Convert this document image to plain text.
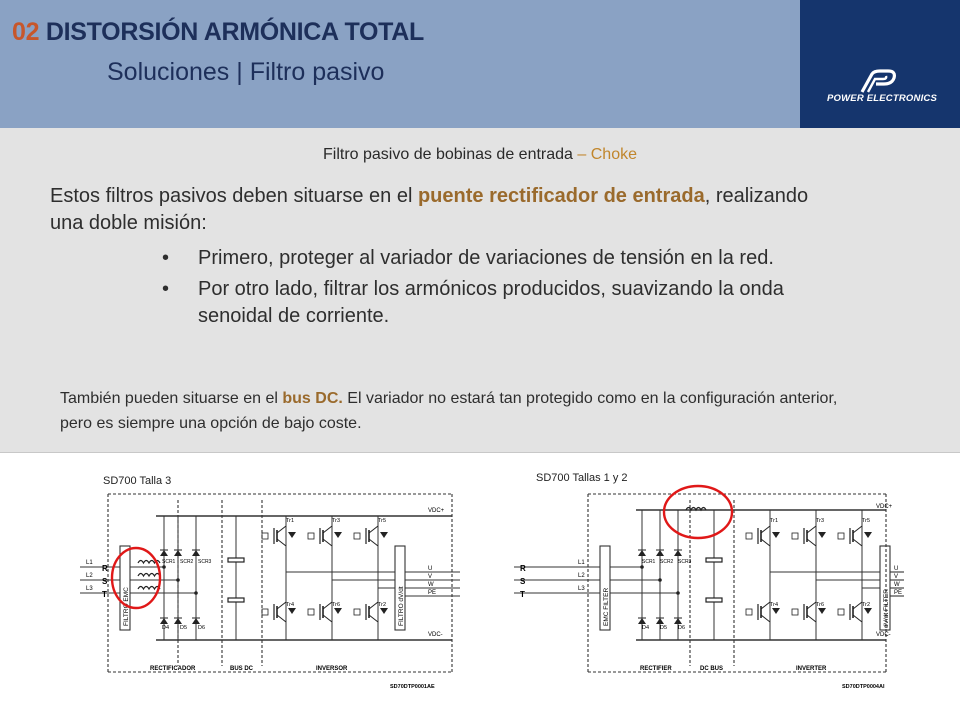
02 DISTORSIÓN ARMÓNICA TOTAL
Soluciones | Filtro pasivo
POWER ELECTRONICS
Filtro pasivo de bobinas de entrada – Choke
Estos filtros pasivos deben situarse en el puente rectificador de entrada, realizando una doble misión:
• Primero, proteger al variador de variaciones de tensión en la red.
• Por otro lado, filtrar los armónicos producidos, suavizando la onda senoidal de corriente.
También pueden situarse en el bus DC. El variador no estará tan protegido como en la configuración anterior, pero es siempre una opción de bajo coste.
SD700 Talla 3	SD700 Tallas 1 y 2
R
S
T
L1
L2
L3	FILTRO EMC	FILTRO dV/dt
SCR1 SCR2 SCR3
D4 D5 D6
Tr1	Tr3	Tr5
Tr4	Tr6	Tr2
U
V
W
PE
VDC+
VDC-
RECTIFICADOR	BUS DC	INVERSOR
SD70DTP0001AE
R
S
T
L1
L2
L3	EMC FILTER	dV/dt FILTER
SCR1 SCR2 SCR3
D4 D5 D6
Tr1	Tr3	Tr5
Tr4	Tr6	Tr2
U
V
W
PE
VDC+
VDC-
RECTIFIER	DC BUS	INVERTER
SD70DTP0004AI
